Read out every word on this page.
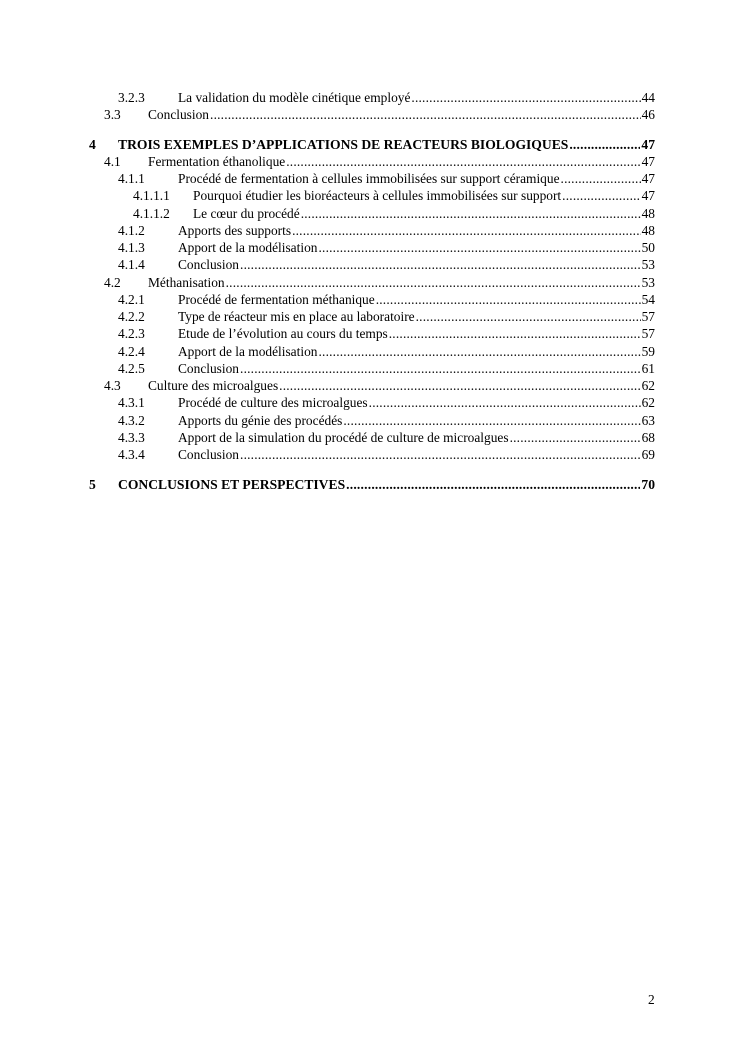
3.2.3 La validation du modèle cinétique employé .....	44
3.3 Conclusion .....	46
4 TROIS EXEMPLES D’APPLICATIONS DE REACTEURS BIOLOGIQUES .....	47
4.1 Fermentation éthanolique .....	47
4.1.1 Procédé de fermentation à cellules immobilisées sur support céramique .....	47
4.1.1.1 Pourquoi étudier les bioréacteurs à cellules immobilisées sur support .....	47
4.1.1.2 Le cœur du procédé .....	48
4.1.2 Apports des supports .....	48
4.1.3 Apport de la modélisation .....	50
4.1.4 Conclusion .....	53
4.2 Méthanisation .....	53
4.2.1 Procédé de fermentation méthanique .....	54
4.2.2 Type de réacteur mis en place au laboratoire .....	57
4.2.3 Etude de l’évolution au cours du temps .....	57
4.2.4 Apport de la modélisation .....	59
4.2.5 Conclusion .....	61
4.3 Culture des microalgues .....	62
4.3.1 Procédé de culture des microalgues .....	62
4.3.2 Apports du génie des procédés .....	63
4.3.3 Apport de la simulation du procédé de culture de microalgues .....	68
4.3.4 Conclusion .....	69
5 CONCLUSIONS ET PERSPECTIVES .....	70
2
